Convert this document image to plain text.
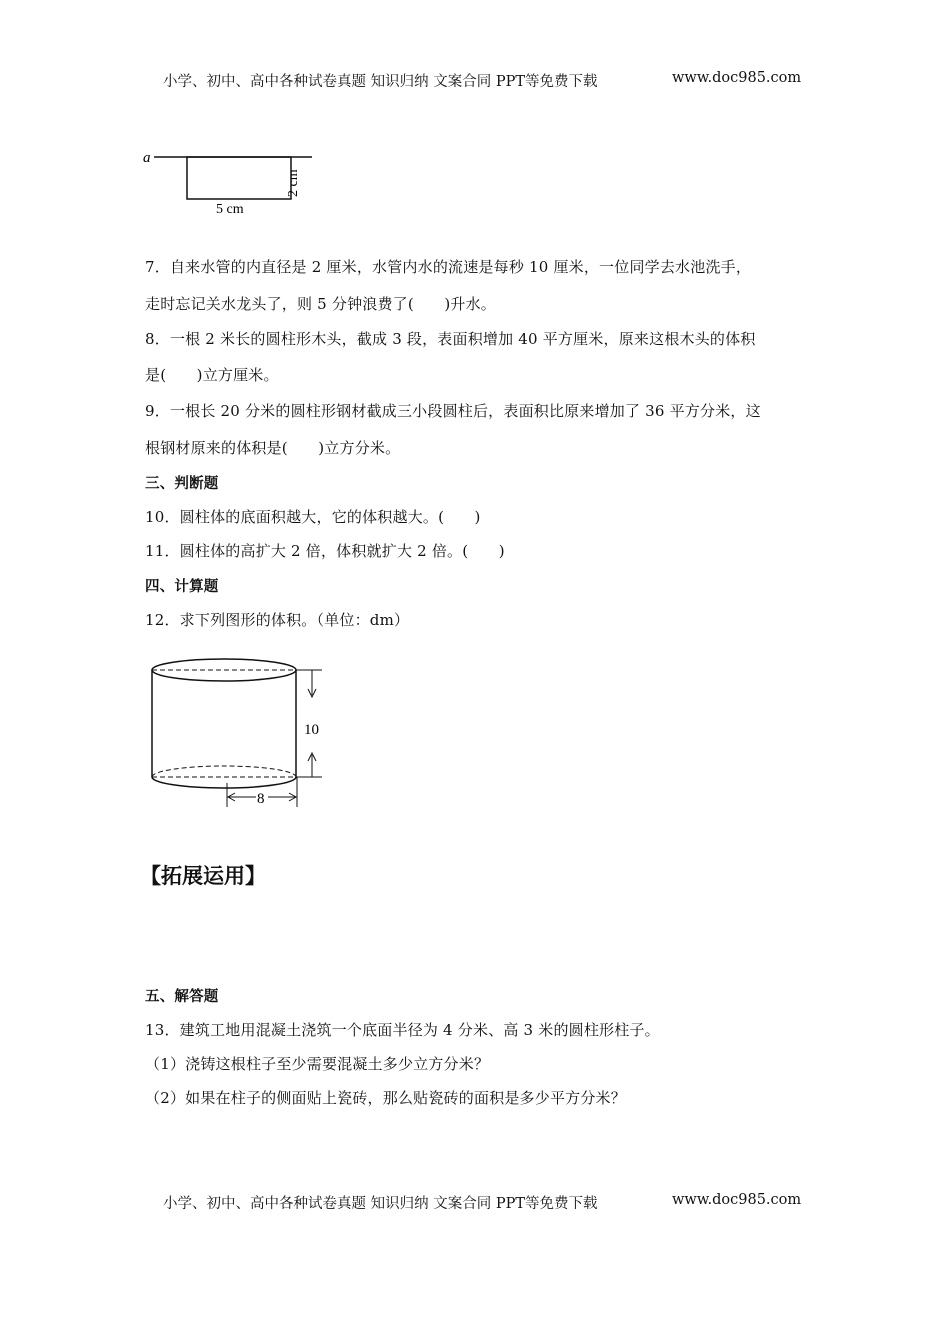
小学、初中、高中各种试卷真题 知识归纳 文案合同 PPT等免费下载	www.doc985.com
a
5 cm
2 cm
7．自来水管的内直径是 2 厘米，水管内水的流速是每秒 10 厘米，一位同学去水池洗手，
走时忘记关水龙头了，则 5 分钟浪费了(　　)升水。
8．一根 2 米长的圆柱形木头，截成 3 段，表面积增加 40 平方厘米，原来这根木头的体积
是(　　)立方厘米。
9．一根长 20 分米的圆柱形钢材截成三小段圆柱后，表面积比原来增加了 36 平方分米，这
根钢材原来的体积是(　　)立方分米。
三、判断题
10．圆柱体的底面积越大，它的体积越大。(　　)
11．圆柱体的高扩大 2 倍，体积就扩大 2 倍。(　　)
四、计算题
12．求下列图形的体积。（单位：dm）
10
8
【拓展运用】
五、解答题
13．建筑工地用混凝土浇筑一个底面半径为 4 分米、高 3 米的圆柱形柱子。
（1）浇铸这根柱子至少需要混凝土多少立方分米？
（2）如果在柱子的侧面贴上瓷砖，那么贴瓷砖的面积是多少平方分米？
小学、初中、高中各种试卷真题 知识归纳 文案合同 PPT等免费下载	www.doc985.com
